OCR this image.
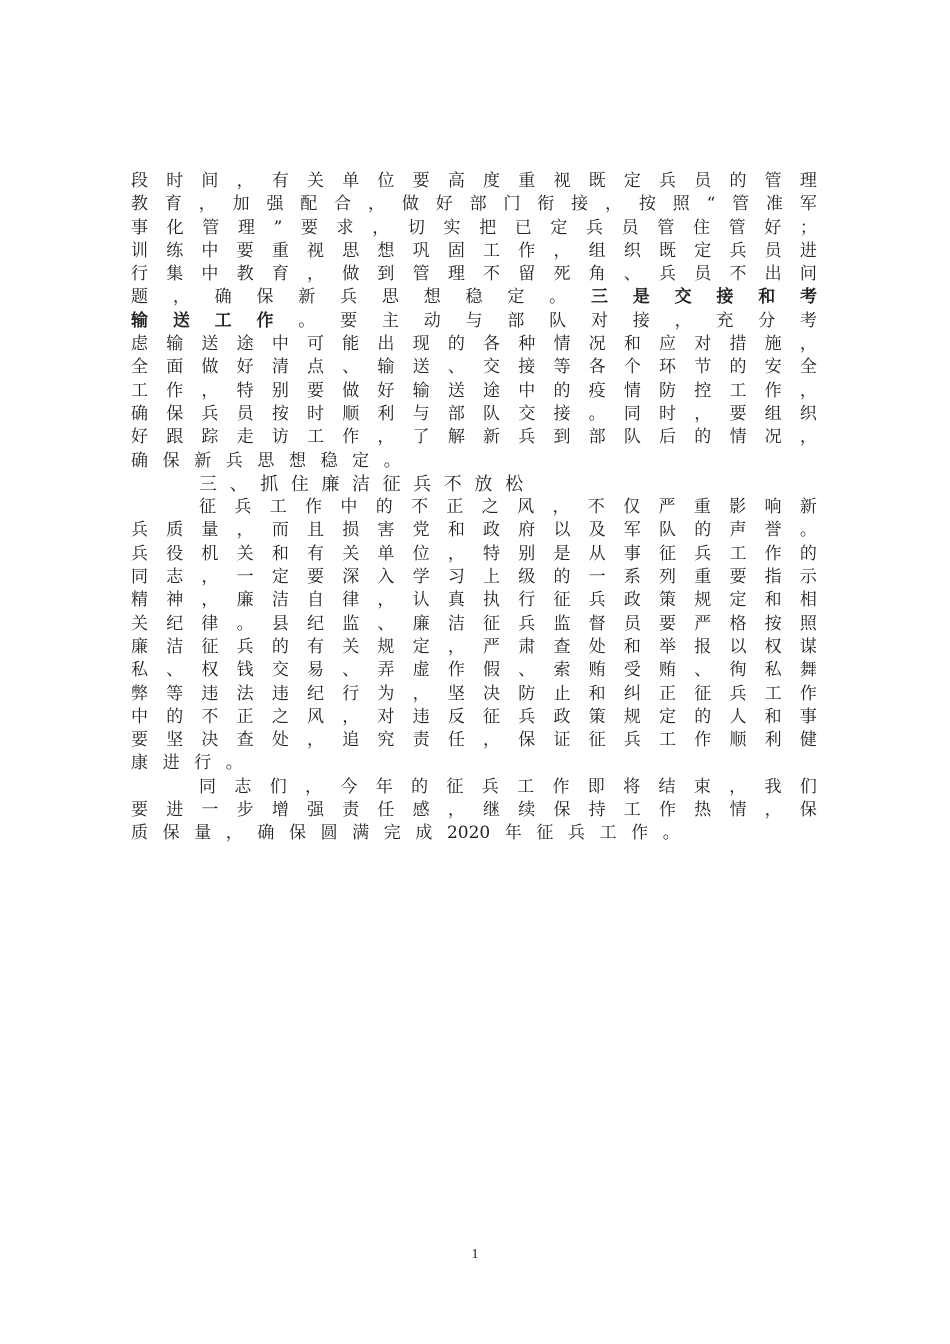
段 时 间 ， 有 关 单 位 要 高 度 重 视 既 定 兵 员 的 管 理
教 育 ， 加 强 配 合 ， 做 好 部 门 衔 接 ， 按 照 “ 管 准 军
事 化 管 理 ” 要 求 ， 切 实 把 已 定 兵 员 管 住 管 好 ；
训 练 中 要 重 视 思 想 巩 固 工 作 ， 组 织 既 定 兵 员 进
行 集 中 教 育 ， 做 到 管 理 不 留 死 角 、 兵 员 不 出 问
题 ， 确 保 新 兵 思 想 稳 定 。 三 是 交 接 和 考
输 送 工 作 。 要 主 动 与 部 队 对 接 ， 充 分 考
虑 输 送 途 中 可 能 出 现 的 各 种 情 况 和 应 对 措 施 ，
全 面 做 好 清 点 、 输 送 、 交 接 等 各 个 环 节 的 安 全
工 作 ， 特 别 要 做 好 输 送 途 中 的 疫 情 防 控 工 作 ，
确 保 兵 员 按 时 顺 利 与 部 队 交 接 。 同 时 ， 要 组 织
好 跟 踪 走 访 工 作 ， 了 解 新 兵 到 部 队 后 的 情 况 ，
确 保 新 兵 思 想 稳 定 。
三 、 抓 住 廉 洁 征 兵 不 放 松
征 兵 工 作 中 的 不 正 之 风 ， 不 仅 严 重 影 响 新
兵 质 量 ， 而 且 损 害 党 和 政 府 以 及 军 队 的 声 誉 。
兵 役 机 关 和 有 关 单 位 ， 特 别 是 从 事 征 兵 工 作 的
同 志 ， 一 定 要 深 入 学 习 上 级 的 一 系 列 重 要 指 示
精 神 ， 廉 洁 自 律 ， 认 真 执 行 征 兵 政 策 规 定 和 相
关 纪 律 。 县 纪 监 、 廉 洁 征 兵 监 督 员 要 严 格 按 照
廉 洁 征 兵 的 有 关 规 定 ， 严 肃 查 处 和 举 报 以 权 谋
私 、 权 钱 交 易 、 弄 虚 作 假 、 索 贿 受 贿 、 徇 私 舞
弊 等 违 法 违 纪 行 为 ， 坚 决 防 止 和 纠 正 征 兵 工 作
中 的 不 正 之 风 ， 对 违 反 征 兵 政 策 规 定 的 人 和 事
要 坚 决 查 处 ， 追 究 责 任 ， 保 证 征 兵 工 作 顺 利 健
康 进 行 。
同 志 们 ， 今 年 的 征 兵 工 作 即 将 结 束 ， 我 们
要 进 一 步 增 强 责 任 感 ， 继 续 保 持 工 作 热 情 ， 保
质 保 量 ， 确 保 圆 满 完 成 2020 年 征 兵 工 作 。
1
